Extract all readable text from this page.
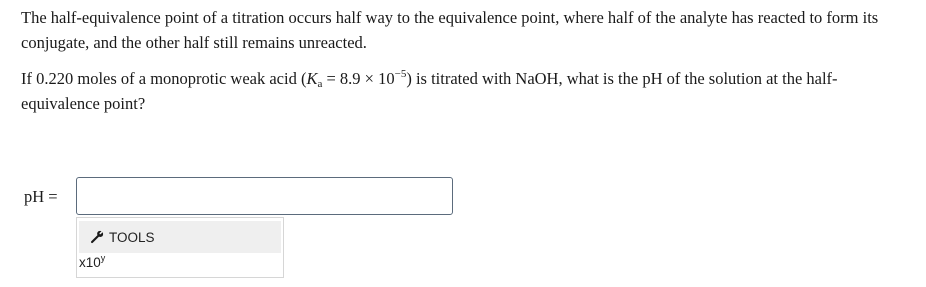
The half-equivalence point of a titration occurs half way to the equivalence point, where half of the analyte has reacted to form its conjugate, and the other half still remains unreacted.

If 0.220 moles of a monoprotic weak acid $(K_a = 8.9 \times 10^{-5})$ is titrated with NaOH, what is the pH of the solution at the half-equivalence point?

pH =
TOOLS
x10$^y$
